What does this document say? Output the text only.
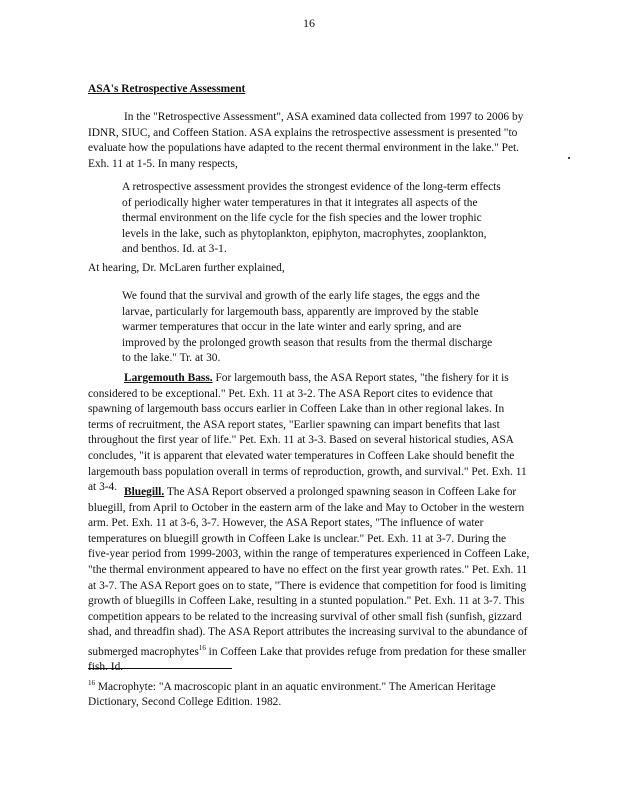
16
ASA's Retrospective Assessment
In the "Retrospective Assessment", ASA examined data collected from 1997 to 2006 by IDNR, SIUC, and Coffeen Station. ASA explains the retrospective assessment is presented "to evaluate how the populations have adapted to the recent thermal environment in the lake." Pet. Exh. 11 at 1-5. In many respects,
A retrospective assessment provides the strongest evidence of the long-term effects of periodically higher water temperatures in that it integrates all aspects of the thermal environment on the life cycle for the fish species and the lower trophic levels in the lake, such as phytoplankton, epiphyton, macrophytes, zooplankton, and benthos. Id. at 3-1.
At hearing, Dr. McLaren further explained,
We found that the survival and growth of the early life stages, the eggs and the larvae, particularly for largemouth bass, apparently are improved by the stable warmer temperatures that occur in the late winter and early spring, and are improved by the prolonged growth season that results from the thermal discharge to the lake." Tr. at 30.
Largemouth Bass. For largemouth bass, the ASA Report states, "the fishery for it is considered to be exceptional." Pet. Exh. 11 at 3-2. The ASA Report cites to evidence that spawning of largemouth bass occurs earlier in Coffeen Lake than in other regional lakes. In terms of recruitment, the ASA report states, "Earlier spawning can impart benefits that last throughout the first year of life." Pet. Exh. 11 at 3-3. Based on several historical studies, ASA concludes, "it is apparent that elevated water temperatures in Coffeen Lake should benefit the largemouth bass population overall in terms of reproduction, growth, and survival." Pet. Exh. 11 at 3-4. Bluegill. The ASA Report observed a prolonged spawning season in Coffeen Lake for bluegill, from April to October in the eastern arm of the lake and May to October in the western arm. Pet. Exh. 11 at 3-6, 3-7. However, the ASA Report states, "The influence of water temperatures on bluegill growth in Coffeen Lake is unclear." Pet. Exh. 11 at 3-7. During the five-year period from 1999-2003, within the range of temperatures experienced in Coffeen Lake, "the thermal environment appeared to have no effect on the first year growth rates." Pet. Exh. 11 at 3-7. The ASA Report goes on to state, "There is evidence that competition for food is limiting growth of bluegills in Coffeen Lake, resulting in a stunted population." Pet. Exh. 11 at 3-7. This competition appears to be related to the increasing survival of other small fish (sunfish, gizzard shad, and threadfin shad). The ASA Report attributes the increasing survival to the abundance of submerged macrophytes$^{16}$ in Coffeen Lake that provides refuge from predation for these smaller
$^{16}$ Macrophyte: "A macroscopic plant in an aquatic environment." The American Heritage Dictionary, Second College Edition. 1982.
